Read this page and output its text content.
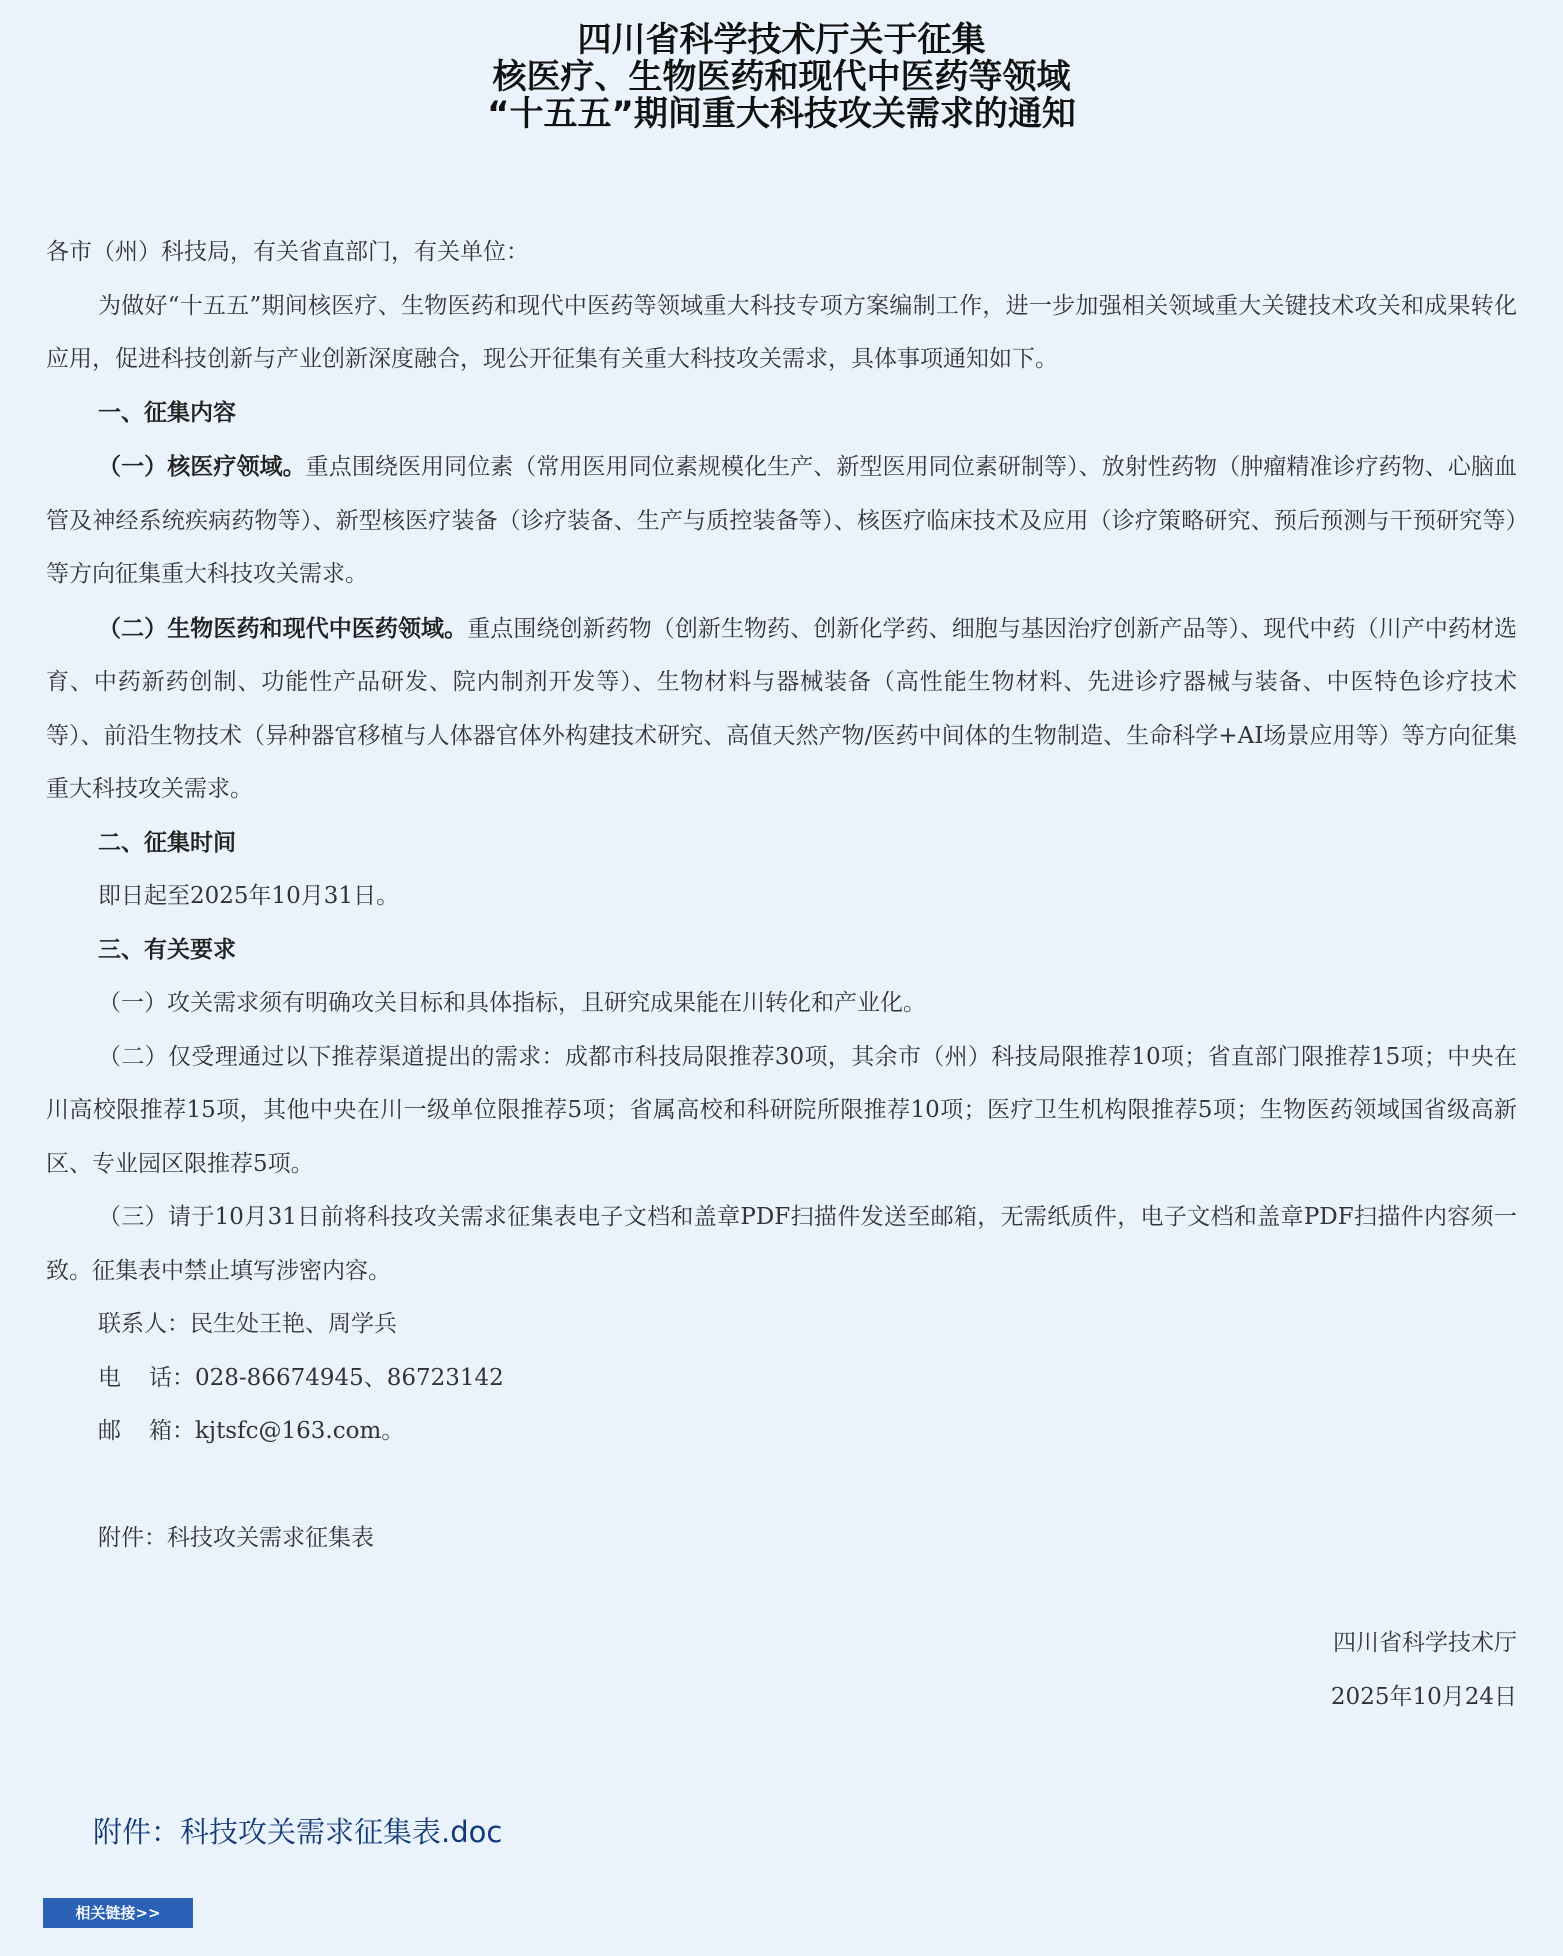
四川省科学技术厅关于征集
核医疗、生物医药和现代中医药等领域
“十五五”期间重大科技攻关需求的通知

各市（州）科技局，有关省直部门，有关单位：

为做好“十五五”期间核医疗、生物医药和现代中医药等领域重大科技专项方案编制工作，进一步加强相关领域重大关键技术攻关和成果转化应用，促进科技创新与产业创新深度融合，现公开征集有关重大科技攻关需求，具体事项通知如下。

一、征集内容

（一）核医疗领域。重点围绕医用同位素（常用医用同位素规模化生产、新型医用同位素研制等）、放射性药物（肿瘤精准诊疗药物、心脑血管及神经系统疾病药物等）、新型核医疗装备（诊疗装备、生产与质控装备等）、核医疗临床技术及应用（诊疗策略研究、预后预测与干预研究等）等方向征集重大科技攻关需求。

（二）生物医药和现代中医药领域。重点围绕创新药物（创新生物药、创新化学药、细胞与基因治疗创新产品等）、现代中药（川产中药材选育、中药新药创制、功能性产品研发、院内制剂开发等）、生物材料与器械装备（高性能生物材料、先进诊疗器械与装备、中医特色诊疗技术等）、前沿生物技术（异种器官移植与人体器官体外构建技术研究、高值天然产物/医药中间体的生物制造、生命科学+AI场景应用等）等方向征集重大科技攻关需求。

二、征集时间

即日起至2025年10月31日。

三、有关要求

（一）攻关需求须有明确攻关目标和具体指标，且研究成果能在川转化和产业化。

（二）仅受理通过以下推荐渠道提出的需求：成都市科技局限推荐30项，其余市（州）科技局限推荐10项；省直部门限推荐15项；中央在川高校限推荐15项，其他中央在川一级单位限推荐5项；省属高校和科研院所限推荐10项；医疗卫生机构限推荐5项；生物医药领域国省级高新区、专业园区限推荐5项。

（三）请于10月31日前将科技攻关需求征集表电子文档和盖章PDF扫描件发送至邮箱，无需纸质件，电子文档和盖章PDF扫描件内容须一致。征集表中禁止填写涉密内容。

联系人：民生处王艳、周学兵

电 话：028-86674945、86723142

邮 箱：kjtsfc@163.com。

附件：科技攻关需求征集表

四川省科学技术厅

2025年10月24日

附件：科技攻关需求征集表.doc
相关链接>>
